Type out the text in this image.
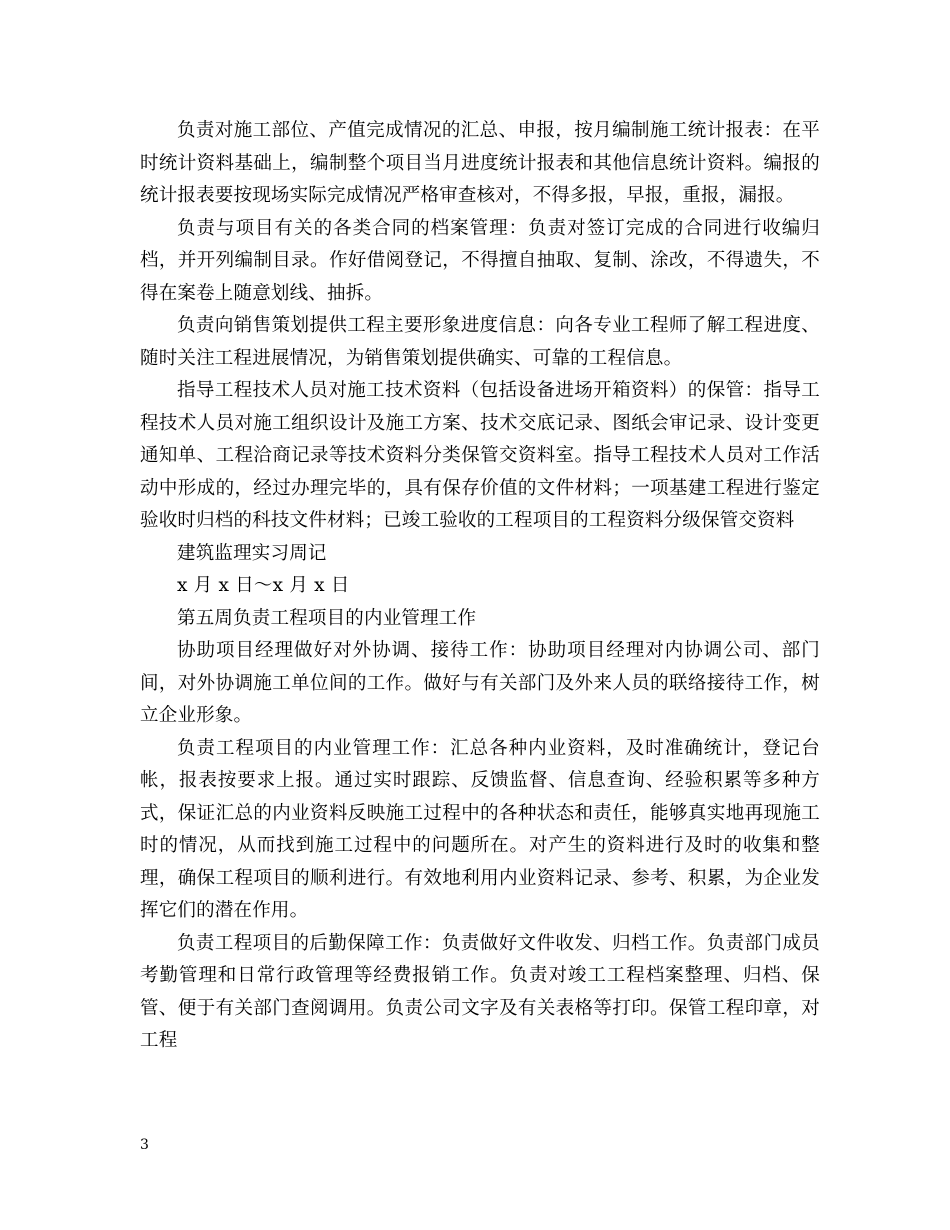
负责对施工部位、产值完成情况的汇总、申报，按月编制施工统计报表：在平时统计资料基础上，编制整个项目当月进度统计报表和其他信息统计资料。编报的统计报表要按现场实际完成情况严格审查核对，不得多报，早报，重报，漏报。

负责与项目有关的各类合同的档案管理：负责对签订完成的合同进行收编归档，并开列编制目录。作好借阅登记，不得擅自抽取、复制、涂改，不得遗失，不得在案卷上随意划线、抽拆。

负责向销售策划提供工程主要形象进度信息：向各专业工程师了解工程进度、随时关注工程进展情况，为销售策划提供确实、可靠的工程信息。

指导工程技术人员对施工技术资料（包括设备进场开箱资料）的保管：指导工程技术人员对施工组织设计及施工方案、技术交底记录、图纸会审记录、设计变更通知单、工程洽商记录等技术资料分类保管交资料室。指导工程技术人员对工作活动中形成的，经过办理完毕的，具有保存价值的文件材料；一项基建工程进行鉴定验收时归档的科技文件材料；已竣工验收的工程项目的工程资料分级保管交资料

建筑监理实习周记

x 月 x 日～x 月 x 日

第五周负责工程项目的内业管理工作

协助项目经理做好对外协调、接待工作：协助项目经理对内协调公司、部门间，对外协调施工单位间的工作。做好与有关部门及外来人员的联络接待工作，树立企业形象。

负责工程项目的内业管理工作：汇总各种内业资料，及时准确统计，登记台帐，报表按要求上报。通过实时跟踪、反馈监督、信息查询、经验积累等多种方式，保证汇总的内业资料反映施工过程中的各种状态和责任，能够真实地再现施工时的情况，从而找到施工过程中的问题所在。对产生的资料进行及时的收集和整理，确保工程项目的顺利进行。有效地利用内业资料记录、参考、积累，为企业发挥它们的潜在作用。

负责工程项目的后勤保障工作：负责做好文件收发、归档工作。负责部门成员考勤管理和日常行政管理等经费报销工作。负责对竣工工程档案整理、归档、保管、便于有关部门查阅调用。负责公司文字及有关表格等打印。保管工程印章，对工程

3
